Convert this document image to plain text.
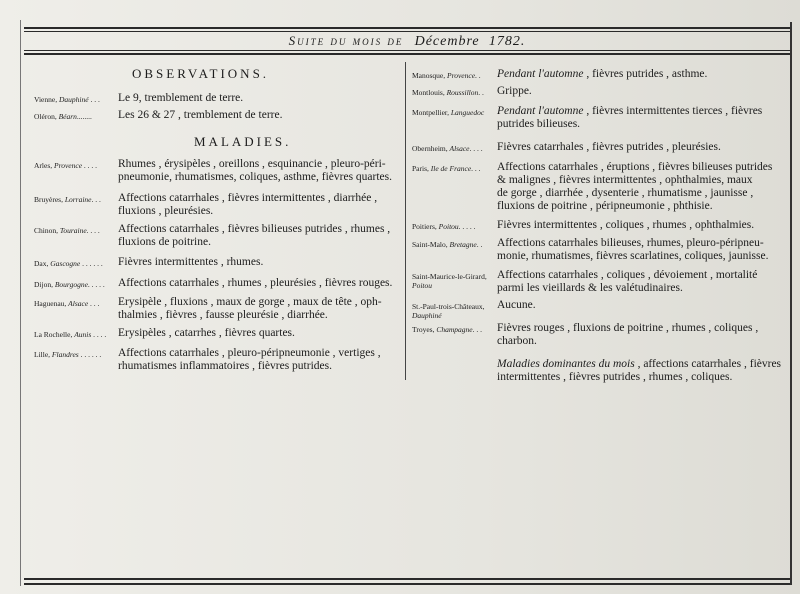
Suite du mois de Décembre 1782.
OBSERVATIONS.
Vienne, Dauphiné . . . Le 9, tremblement de terre.
Oléron, Béarn........ Les 26 & 27 , tremblement de terre.
MALADIES.
Arles, Provence . . . . Rhumes , érysipèles , oreillons , esquinancie , pleuro-péri-
pneumonie, rhumatismes, coliques, asthme, fièvres quartes.
Bruyères, Lorraine. . . Affections catarrhales , fièvres intermittentes , diarrhée ,
fluxions , pleurésies.
Chinon, Touraine. . . . Affections catarrhales , fièvres bilieuses putrides , rhumes ,
fluxions de poitrine.
Dax, Gascogne . . . . . . Fièvres intermittentes , rhumes.
Dijon, Bourgogne. . . . . Affections catarrhales , rhumes , pleurésies , fièvres rouges.
Haguenau, Alsace . . . Erysipèle , fluxions , maux de gorge , maux de tête , oph-
thalmies , fièvres , fausse pleurésie , diarrhée.
La Rochelle, Aunis . . . . Erysipèles , catarrhes , fièvres quartes.
Lille, Flandres . . . . . . Affections catarrhales , pleuro-péripneumonie , vertiges ,
rhumatismes inflammatoires , fièvres putrides.
Manosque, Provence. . Pendant l'automne , fièvres putrides , asthme.
Montlouis, Roussillon. . Grippe.
Montpellier, Languedoc Pendant l'automne , fièvres intermittentes tierces , fièvres
putrides bilieuses.
Obernheim, Alsace. . . . Fièvres catarrhales , fièvres putrides , pleurésies.
Paris, Ile de France. . . Affections catarrhales , éruptions , fièvres bilieuses putrides
& malignes , fièvres intermittentes , ophthalmies, maux
de gorge , diarrhée , dysenterie , rhumatisme , jaunisse ,
fluxions de poitrine , péripneumonie , phthisie.
Poitiers, Poitou. . . . . Fièvres intermittentes , coliques , rhumes , ophthalmies.
Saint-Malo, Bretagne. . Affections catarrhales bilieuses, rhumes, pleuro-péripneu-
monie, rhumatismes, fièvres scarlatines, coliques, jaunisse.
Saint-Maurice-le-Girard,
Poitou
Affections catarrhales , coliques , dévoiement , mortalité
parmi les vieillards & les valétudinaires.
St.-Paul-trois-Châteaux,
Dauphiné
Aucune.
Troyes, Champagne. . . Fièvres rouges , fluxions de poitrine , rhumes , coliques ,
charbon.
Maladies dominantes du mois , affections catarrhales , fièvres intermittentes , fièvres putrides , rhumes , coliques.
